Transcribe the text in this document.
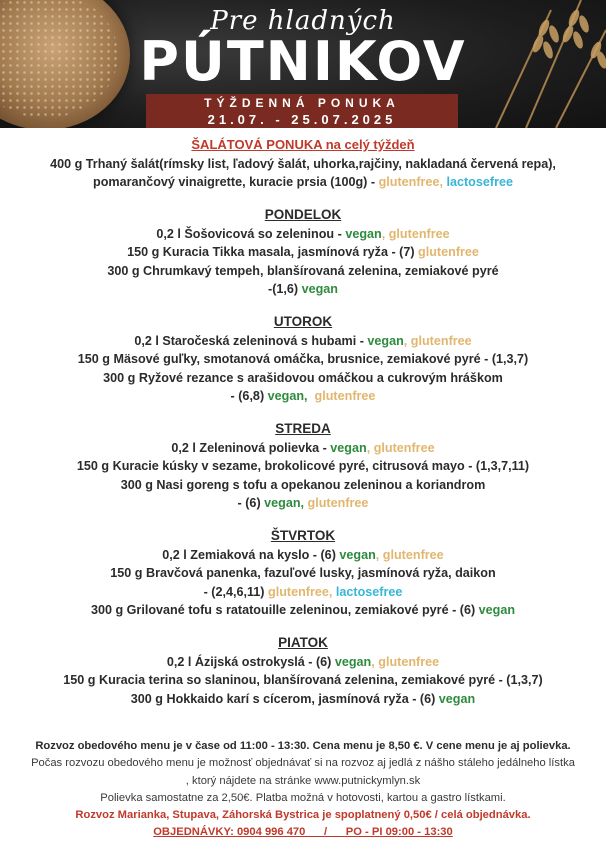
Pre hladných
PÚTNIKOV
TÝŽDENNÁ PONUKA
21.07. - 25.07.2025
ŠALÁTOVÁ PONUKA na celý týždeň
400 g Trhaný šalát(rímsky list, ľadový šalát, uhorka,rajčiny, nakladaná červená repa),
pomarančový vinaigrette, kuracie prsia (100g) - glutenfree, lactosefree
PONDELOK
0,2 l Šošovicová so zeleninou - vegan, glutenfree
150 g Kuracia Tikka masala, jasmínová ryža - (7) glutenfree
300 g Chrumkavý tempeh, blanšírovaná zelenina, zemiakové pyré
-(1,6) vegan
UTOROK
0,2 l Staročeská zeleninová s hubami - vegan, glutenfree
150 g Mäsové guľky, smotanová omáčka, brusnice, zemiakové pyré - (1,3,7)
300 g Ryžové rezance s arašidovou omáčkou a cukrovým hráškom
- (6,8) vegan,  glutenfree
STREDA
0,2 l Zeleninová polievka - vegan, glutenfree
150 g Kuracie kúsky v sezame, brokolicové pyré, citrusová mayo - (1,3,7,11)
300 g Nasi goreng s tofu a opekanou zeleninou a koriandrom
- (6) vegan, glutenfree
ŠTVRTOK
0,2 l Zemiaková na kyslo - (6) vegan, glutenfree
150 g Bravčová panenka, fazuľové lusky, jasmínová ryža, daikon
- (2,4,6,11) glutenfree, lactosefree
300 g Grilované tofu s ratatouille zeleninou, zemiakové pyré - (6) vegan
PIATOK
0,2 l Ázijská ostrokyslá - (6) vegan, glutenfree
150 g Kuracia terina so slaninou, blanšírovaná zelenina, zemiakové pyré - (1,3,7)
300 g Hokkaido karí s cícerom, jasmínová ryža - (6) vegan
Rozvoz obedového menu je v čase od 11:00 - 13:30. Cena menu je 8,50 €. V cene menu je aj polievka.
Počas rozvozu obedového menu je možnosť objednávať si na rozvoz aj jedlá z nášho stáleho jedálneho lístka
, ktorý nájdete na stránke www.putnickymlyn.sk
Polievka samostatne za 2,50€. Platba možná v hotovosti, kartou a gastro lístkami.
Rozvoz Marianka, Stupava, Záhorská Bystrica je spoplatnený 0,50€ / celá objednávka.
OBJEDNÁVKY: 0904 996 470      /      PO - PI 09:00 - 13:30
